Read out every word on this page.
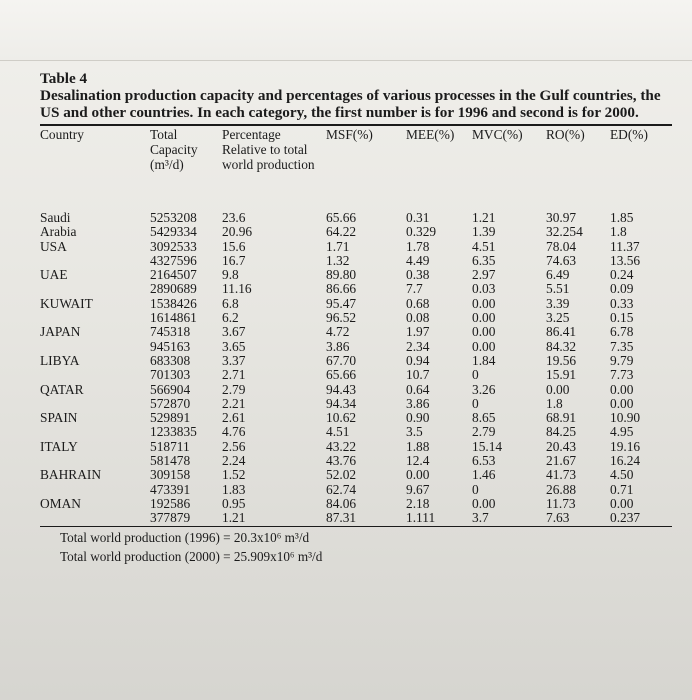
Table 4

Desalination production capacity and percentages of various processes in the Gulf countries, the US and other countries. In each category, the first number is for 1996 and second is for 2000.

Country	Total Capacity (m³/d)	Percentage Relative to total world production	MSF(%)	MEE(%)	MVC(%)	RO(%)	ED(%)
Saudi	5253208	23.6	65.66	0.31	1.21	30.97	1.85
Arabia	5429334	20.96	64.22	0.329	1.39	32.254	1.8
USA	3092533	15.6	1.71	1.78	4.51	78.04	11.37
	4327596	16.7	1.32	4.49	6.35	74.63	13.56
UAE	2164507	9.8	89.80	0.38	2.97	6.49	0.24
	2890689	11.16	86.66	7.7	0.03	5.51	0.09
KUWAIT	1538426	6.8	95.47	0.68	0.00	3.39	0.33
	1614861	6.2	96.52	0.08	0.00	3.25	0.15
JAPAN	745318	3.67	4.72	1.97	0.00	86.41	6.78
	945163	3.65	3.86	2.34	0.00	84.32	7.35
LIBYA	683308	3.37	67.70	0.94	1.84	19.56	9.79
	701303	2.71	65.66	10.7	0	15.91	7.73
QATAR	566904	2.79	94.43	0.64	3.26	0.00	0.00
	572870	2.21	94.34	3.86	0	1.8	0.00
SPAIN	529891	2.61	10.62	0.90	8.65	68.91	10.90
	1233835	4.76	4.51	3.5	2.79	84.25	4.95
ITALY	518711	2.56	43.22	1.88	15.14	20.43	19.16
	581478	2.24	43.76	12.4	6.53	21.67	16.24
BAHRAIN	309158	1.52	52.02	0.00	1.46	41.73	4.50
	473391	1.83	62.74	9.67	0	26.88	0.71
OMAN	192586	0.95	84.06	2.18	0.00	11.73	0.00
	377879	1.21	87.31	1.111	3.7	7.63	0.237
Total world production (1996) = 20.3x10⁶ m³/d
Total world production (2000) = 25.909x10⁶ m³/d
